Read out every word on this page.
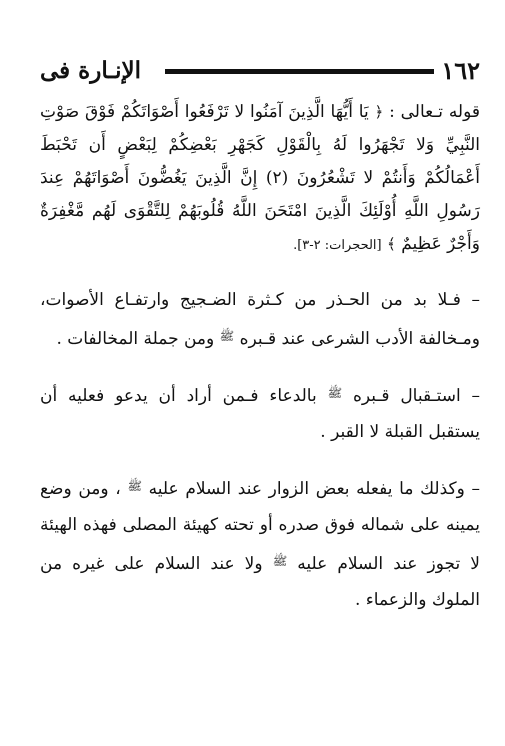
١٦٢
الإنـارة فى

قوله تـعالى : ﴿ يَا أَيُّهَا الَّذِينَ آمَنُوا لا تَرْفَعُوا أَصْوَاتَكُمْ فَوْقَ صَوْتِ النَّبِيِّ وَلا تَجْهَرُوا لَهُ بِالْقَوْلِ كَجَهْرِ بَعْضِكُمْ لِبَعْضٍ أَن تَحْبَطَ أَعْمَالُكُمْ وَأَنتُمْ لا تَشْعُرُونَ (٢) إِنَّ الَّذِينَ يَغُضُّونَ أَصْوَاتَهُمْ عِندَ رَسُولِ اللَّهِ أُوْلَئِكَ الَّذِينَ امْتَحَنَ اللَّهُ قُلُوبَهُمْ لِلتَّقْوَى لَهُم مَّغْفِرَةٌ وَأَجْرٌ عَظِيمٌ ﴾ [الحجرات: ٢-٣].

– فـلا بد من الحـذر من كـثرة الضـجيج وارتفـاع الأصوات، ومـخالفة الأدب الشرعى عند قـبره $^ﷺ$ ومن جملة المخالفات .

– استـقبال قـبره $^ﷺ$ بالدعاء فـمن أراد أن يدعو فعليه أن يستقبل القبلة لا القبر .

– وكذلك ما يفعله بعض الزوار عند السلام عليه $^ﷺ$ ، ومن وضع يمينه على شماله فوق صدره أو تحته كهيئة المصلى فهذه الهيئة لا تجوز عند السلام عليه $^ﷺ$ ولا عند السلام على غيره من الملوك والزعماء .
